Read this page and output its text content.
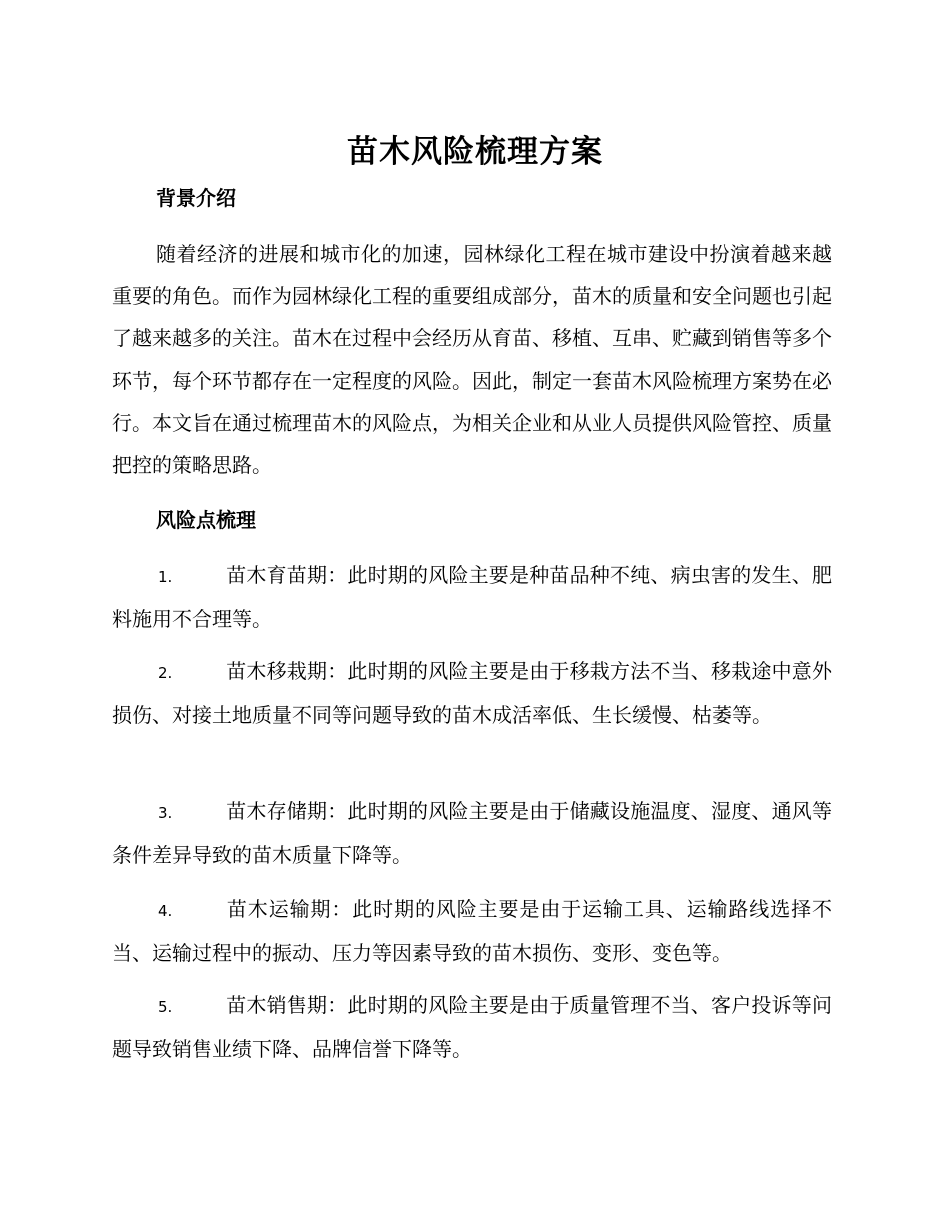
苗木风险梳理方案
背景介绍

随着经济的进展和城市化的加速，园林绿化工程在城市建设中扮演着越来越重要的角色。而作为园林绿化工程的重要组成部分，苗木的质量和安全问题也引起了越来越多的关注。苗木在过程中会经历从育苗、移植、互串、贮藏到销售等多个环节，每个环节都存在一定程度的风险。因此，制定一套苗木风险梳理方案势在必行。本文旨在通过梳理苗木的风险点，为相关企业和从业人员提供风险管控、质量把控的策略思路。

风险点梳理

1.	苗木育苗期：此时期的风险主要是种苗品种不纯、病虫害的发生、肥料施用不合理等。

2.	苗木移栽期：此时期的风险主要是由于移栽方法不当、移栽途中意外损伤、对接土地质量不同等问题导致的苗木成活率低、生长缓慢、枯萎等。

3.	苗木存储期：此时期的风险主要是由于储藏设施温度、湿度、通风等条件差异导致的苗木质量下降等。

4.	苗木运输期：此时期的风险主要是由于运输工具、运输路线选择不当、运输过程中的振动、压力等因素导致的苗木损伤、变形、变色等。

5.	苗木销售期：此时期的风险主要是由于质量管理不当、客户投诉等问题导致销售业绩下降、品牌信誉下降等。
